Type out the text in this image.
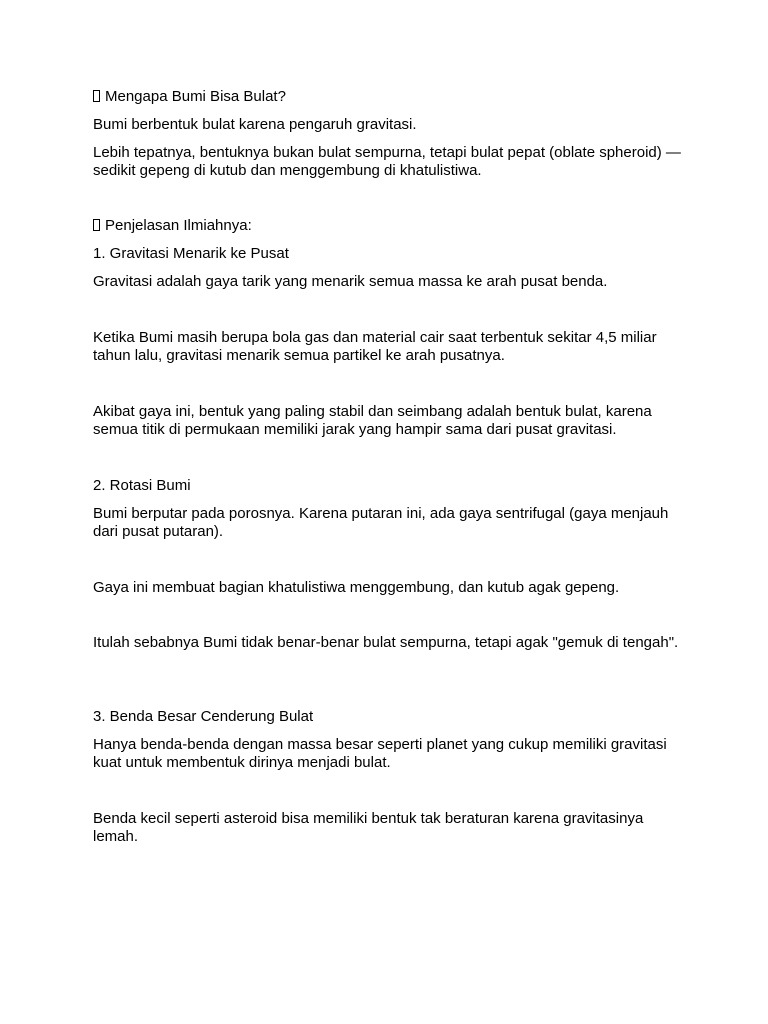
Mengapa Bumi Bisa Bulat?

Bumi berbentuk bulat karena pengaruh gravitasi.

Lebih tepatnya, bentuknya bukan bulat sempurna, tetapi bulat pepat (oblate spheroid) — sedikit gepeng di kutub dan menggembung di khatulistiwa.

Penjelasan Ilmiahnya:

1. Gravitasi Menarik ke Pusat

Gravitasi adalah gaya tarik yang menarik semua massa ke arah pusat benda.

Ketika Bumi masih berupa bola gas dan material cair saat terbentuk sekitar 4,5 miliar tahun lalu, gravitasi menarik semua partikel ke arah pusatnya.

Akibat gaya ini, bentuk yang paling stabil dan seimbang adalah bentuk bulat, karena semua titik di permukaan memiliki jarak yang hampir sama dari pusat gravitasi.

2. Rotasi Bumi

Bumi berputar pada porosnya. Karena putaran ini, ada gaya sentrifugal (gaya menjauh dari pusat putaran).

Gaya ini membuat bagian khatulistiwa menggembung, dan kutub agak gepeng.

Itulah sebabnya Bumi tidak benar-benar bulat sempurna, tetapi agak "gemuk di tengah".

3. Benda Besar Cenderung Bulat

Hanya benda-benda dengan massa besar seperti planet yang cukup memiliki gravitasi kuat untuk membentuk dirinya menjadi bulat.

Benda kecil seperti asteroid bisa memiliki bentuk tak beraturan karena gravitasinya lemah.
